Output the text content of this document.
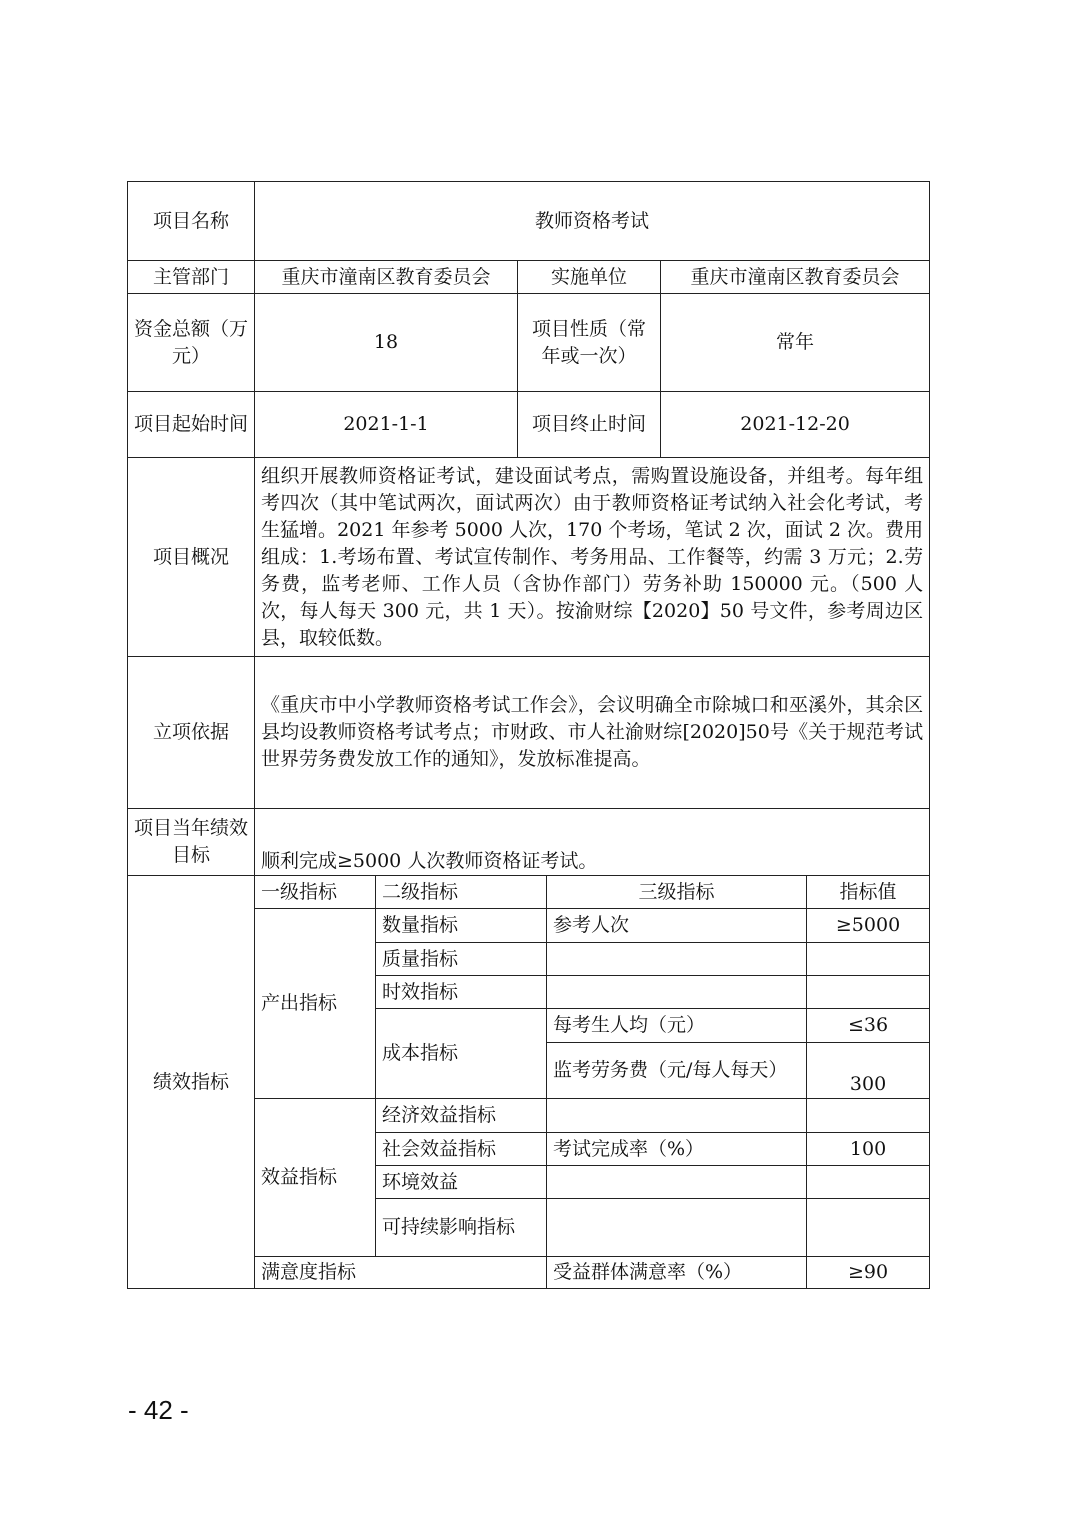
项目名称	教师资格考试					
主管部门	重庆市潼南区教育委员会		实施单位		重庆市潼南区教育委员会	
资金总额（万元）	18		项目性质（常年或一次）		常年	
项目起始时间	2021-1-1		项目终止时间		2021-12-20	
项目概况	组织开展教师资格证考试，建设面试考点，需购置设施设备，并组考。每年组考四次（其中笔试两次，面试两次）由于教师资格证考试纳入社会化考试，考生猛增。2021 年参考 5000 人次，170 个考场，笔试 2 次，面试 2 次。费用组成：1.考场布置、考试宣传制作、考务用品、工作餐等，约需 3 万元；2.劳务费，监考老师、工作人员（含协作部门）劳务补助 150000 元。（500 人次，每人每天 300 元，共 1 天）。按渝财综【2020】50 号文件，参考周边区县，取较低数。					
立项依据	《重庆市中小学教师资格考试工作会》，会议明确全市除城口和巫溪外，其余区县均设教师资格考试考点；市财政、市人社渝财综[2020]50号《关于规范考试世界劳务费发放工作的通知》，发放标准提高。					
项目当年绩效目标	顺利完成≥5000 人次教师资格证考试。					
绩效指标	一级指标	二级指标		三级指标		指标值
	产出指标	数量指标		参考人次		≥5000
		质量指标				
		时效指标				
		成本指标		每考生人均（元）		≤36
				监考劳务费（元/每人每天）		300
	效益指标	经济效益指标				
		社会效益指标		考试完成率（%）		100
		环境效益				
		可持续影响指标				
	满意度指标			受益群体满意率（%）		≥90
- 42 -
